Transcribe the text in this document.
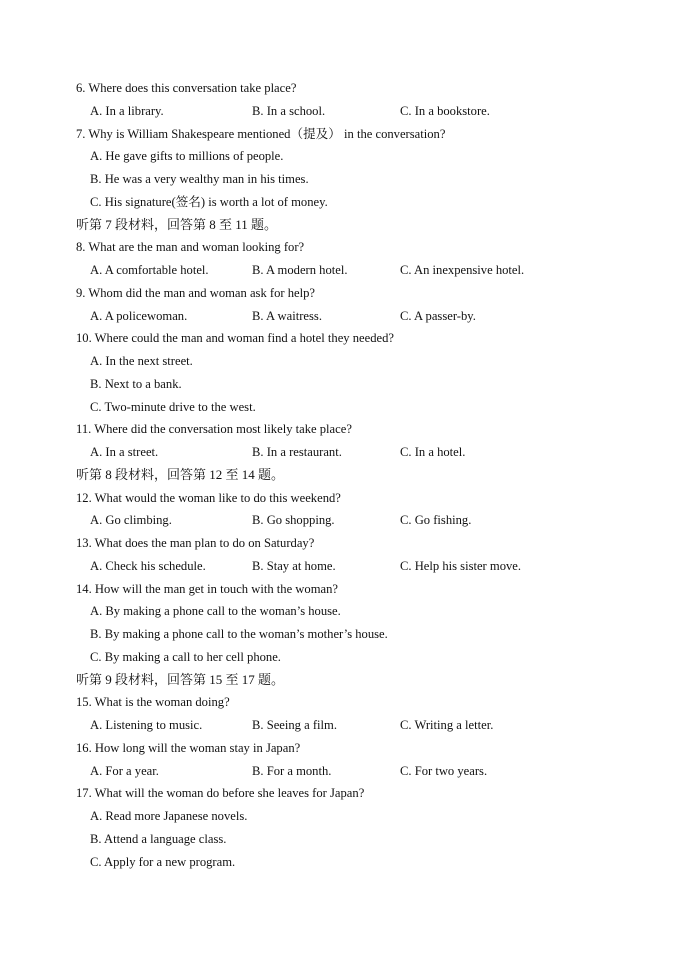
6. Where does this conversation take place?
A. In a library.	B. In a school.	C. In a bookstore.
7. Why is William Shakespeare mentioned（提及） in the conversation?
A. He gave gifts to millions of people.
B. He was a very wealthy man in his times.
C. His signature(签名) is worth a lot of money.
听第 7 段材料，回答第 8 至 11 题。
8. What are the man and woman looking for?
A. A comfortable hotel.	B. A modern hotel.	C. An inexpensive hotel.
9. Whom did the man and woman ask for help?
A. A policewoman.	B. A waitress.	C. A passer-by.
10. Where could the man and woman find a hotel they needed?
A. In the next street.
B. Next to a bank.
C. Two-minute drive to the west.
11. Where did the conversation most likely take place?
A. In a street.	B. In a restaurant.	C. In a hotel.
听第 8 段材料，回答第 12 至 14 题。
12. What would the woman like to do this weekend?
A. Go climbing.	B. Go shopping.	C. Go fishing.
13. What does the man plan to do on Saturday?
A. Check his schedule.	B. Stay at home.	C. Help his sister move.
14. How will the man get in touch with the woman?
A. By making a phone call to the woman’s house.
B. By making a phone call to the woman’s mother’s house.
C. By making a call to her cell phone.
听第 9 段材料，回答第 15 至 17 题。
15. What is the woman doing?
A. Listening to music.	B. Seeing a film.	C. Writing a letter.
16. How long will the woman stay in Japan?
A. For a year.	B. For a month.	C. For two years.
17. What will the woman do before she leaves for Japan?
A. Read more Japanese novels.
B. Attend a language class.
C. Apply for a new program.
